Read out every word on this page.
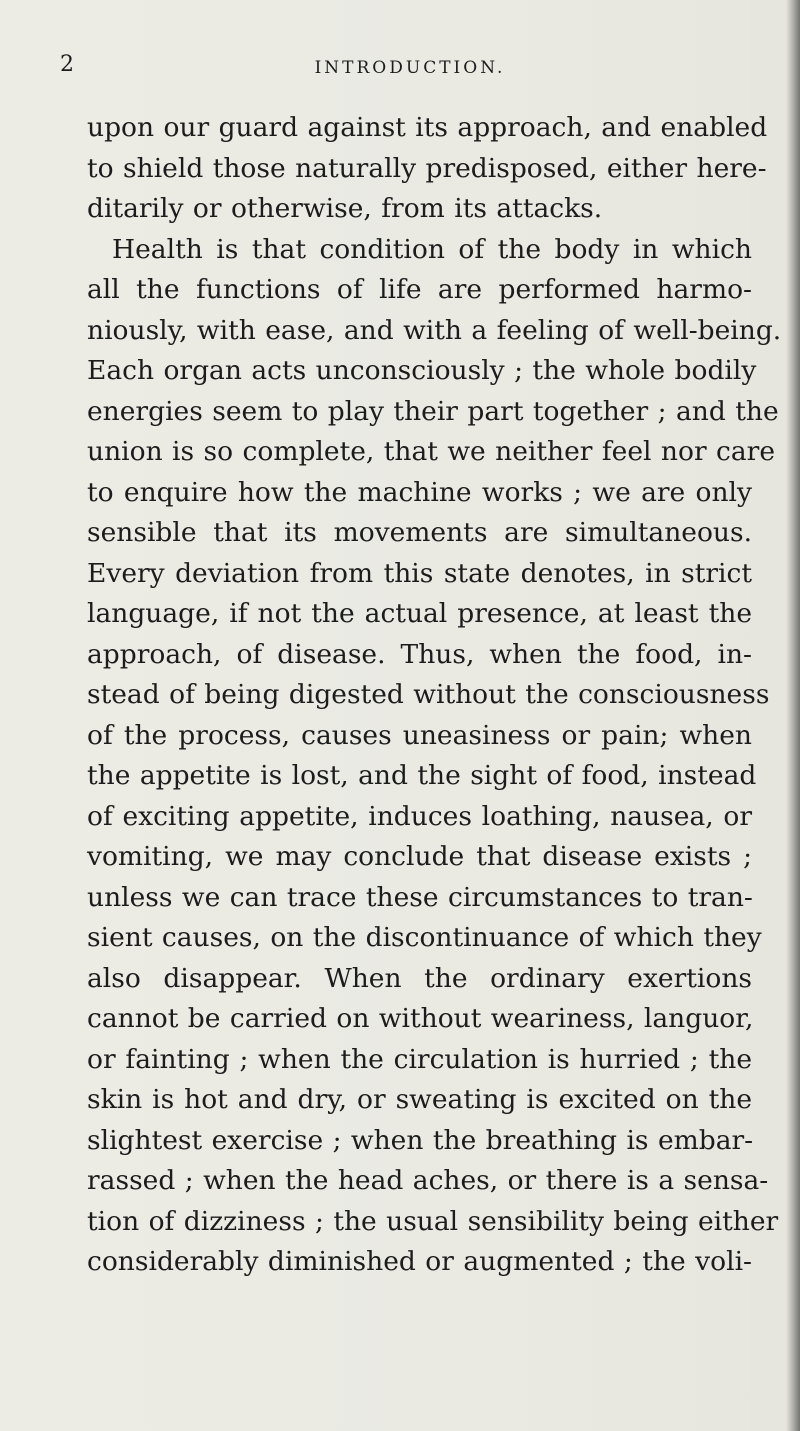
2	INTRODUCTION.

upon our guard against its approach, and enabled
to shield those naturally predisposed, either here-
ditarily or otherwise, from its attacks.
Health is that condition of the body in which
all the functions of life are performed harmo-
niously, with ease, and with a feeling of well-being.
Each organ acts unconsciously ; the whole bodily
energies seem to play their part together ; and the
union is so complete, that we neither feel nor care
to enquire how the machine works ; we are only
sensible that its movements are simultaneous.
Every deviation from this state denotes, in strict
language, if not the actual presence, at least the
approach, of disease. Thus, when the food, in-
stead of being digested without the consciousness
of the process, causes uneasiness or pain; when
the appetite is lost, and the sight of food, instead
of exciting appetite, induces loathing, nausea, or
vomiting, we may conclude that disease exists ;
unless we can trace these circumstances to tran-
sient causes, on the discontinuance of which they
also disappear. When the ordinary exertions
cannot be carried on without weariness, languor,
or fainting ; when the circulation is hurried ; the
skin is hot and dry, or sweating is excited on the
slightest exercise ; when the breathing is embar-
rassed ; when the head aches, or there is a sensa-
tion of dizziness ; the usual sensibility being either
considerably diminished or augmented ; the voli-
